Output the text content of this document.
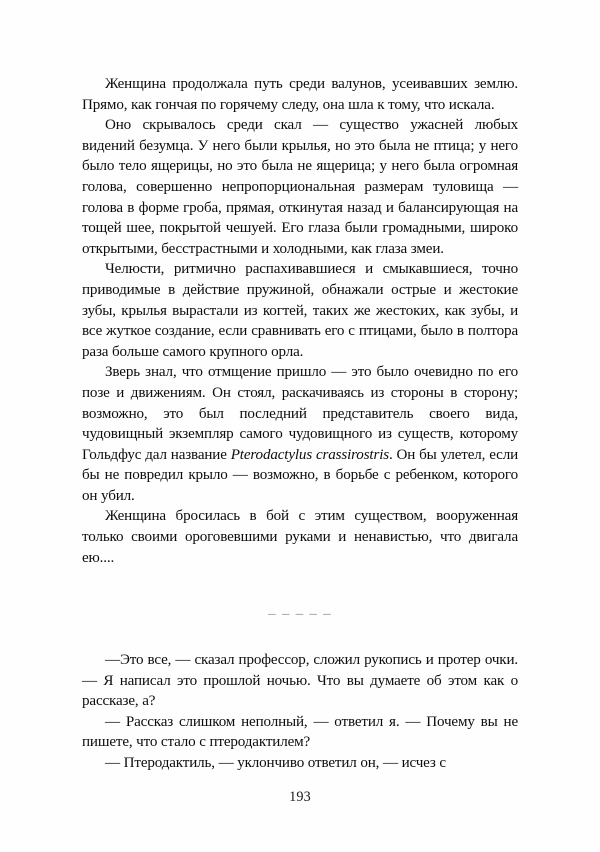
Женщина продолжала путь среди валунов, усеивавших землю. Прямо, как гончая по горячему следу, она шла к тому, что искала.

Оно скрывалось среди скал — существо ужасней любых видений безумца. У него были крылья, но это была не птица; у него было тело ящерицы, но это была не ящерица; у него была огромная голова, совершенно непропорциональная размерам туловища — голова в форме гроба, прямая, откинутая назад и балансирующая на тощей шее, покрытой чешуей. Его глаза были громадными, широко открытыми, бесстрастными и холодными, как глаза змеи.

Челюсти, ритмично распахивавшиеся и смыкавшиеся, точно приводимые в действие пружиной, обнажали острые и жестокие зубы, крылья вырастали из когтей, таких же жестоких, как зубы, и все жуткое создание, если сравнивать его с птицами, было в полтора раза больше самого крупного орла.

Зверь знал, что отмщение пришло — это было очевидно по его позе и движениям. Он стоял, раскачиваясь из стороны в сторону; возможно, это был последний представитель своего вида, чудовищный экземпляр самого чудовищного из существ, которому Гольдфус дал название Pterodactylus crassirostris. Он бы улетел, если бы не повредил крыло — возможно, в борьбе с ребенком, которого он убил.

Женщина бросилась в бой с этим существом, вооруженная только своими ороговевшими руками и ненавистью, что двигала ею....

– – – – –

—Это все, — сказал профессор, сложил рукопись и протер очки. — Я написал это прошлой ночью. Что вы думаете об этом как о рассказе, а?

— Рассказ слишком неполный, — ответил я. — Почему вы не пишете, что стало с птеродактилем?

— Птеродактиль, — уклончиво ответил он, — исчез с

193
